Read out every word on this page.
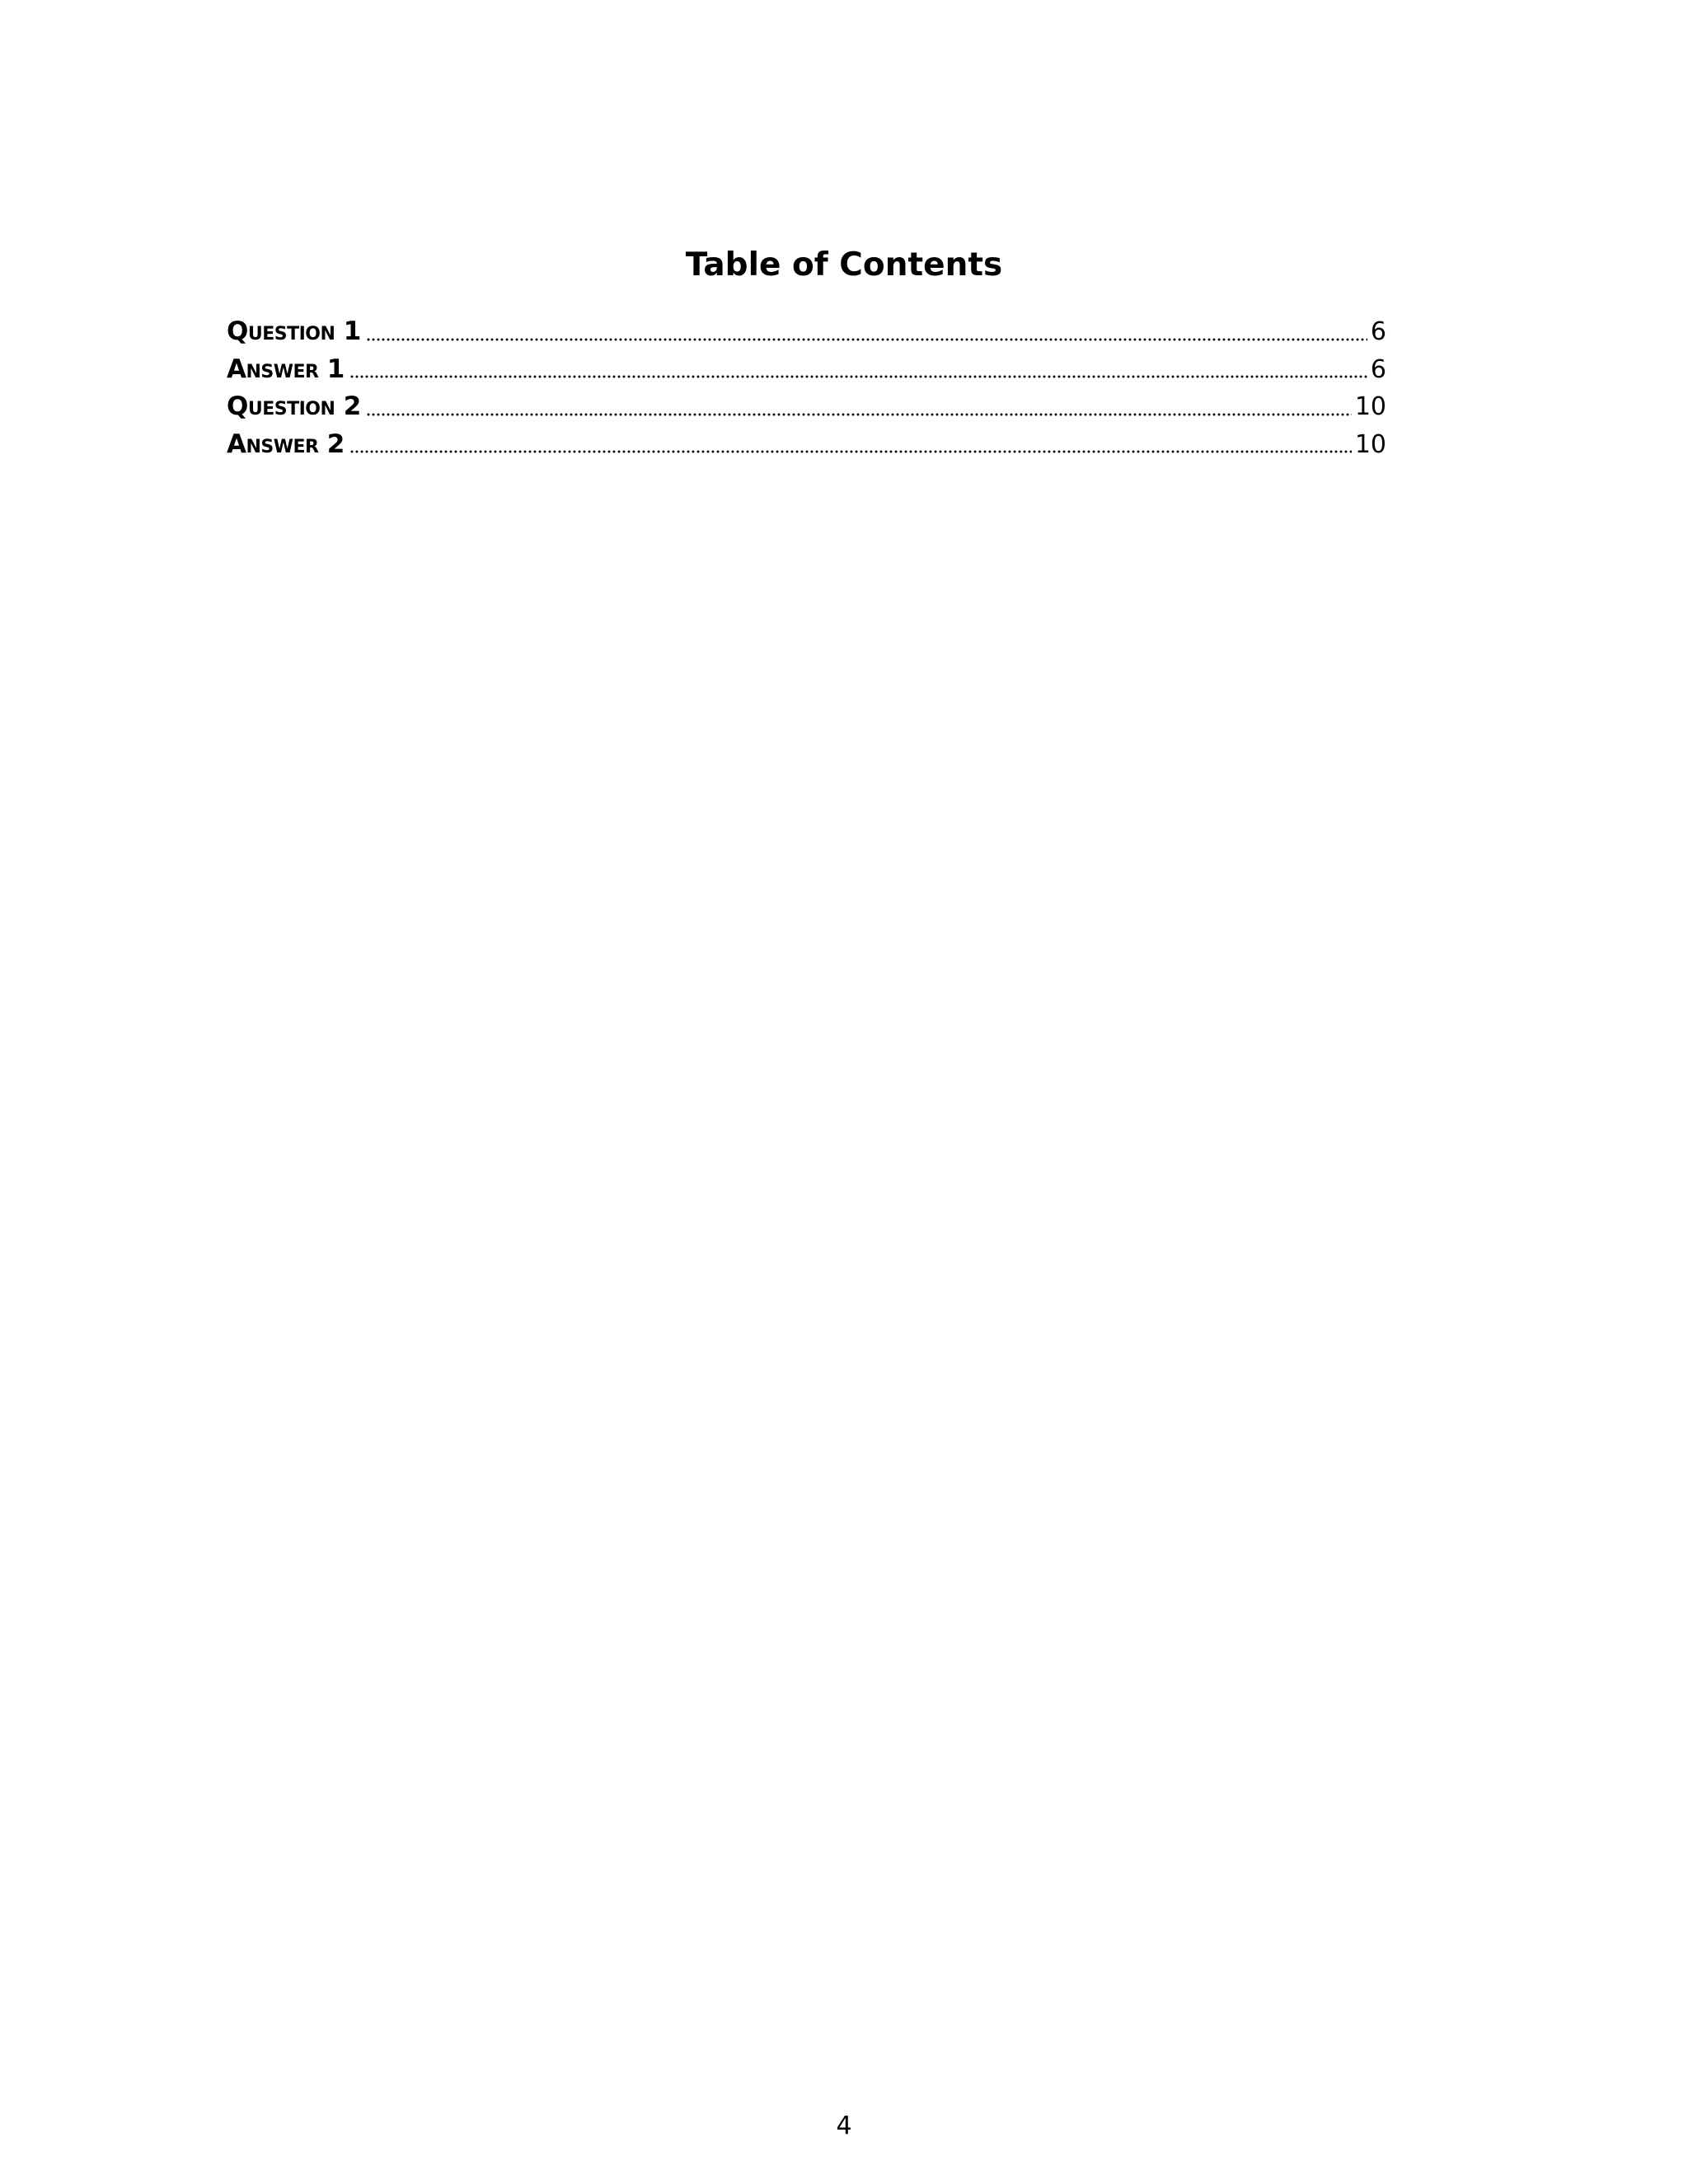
Table of Contents
Question 1	6
Answer 1	6
Question 2	10
Answer 2	10
4
